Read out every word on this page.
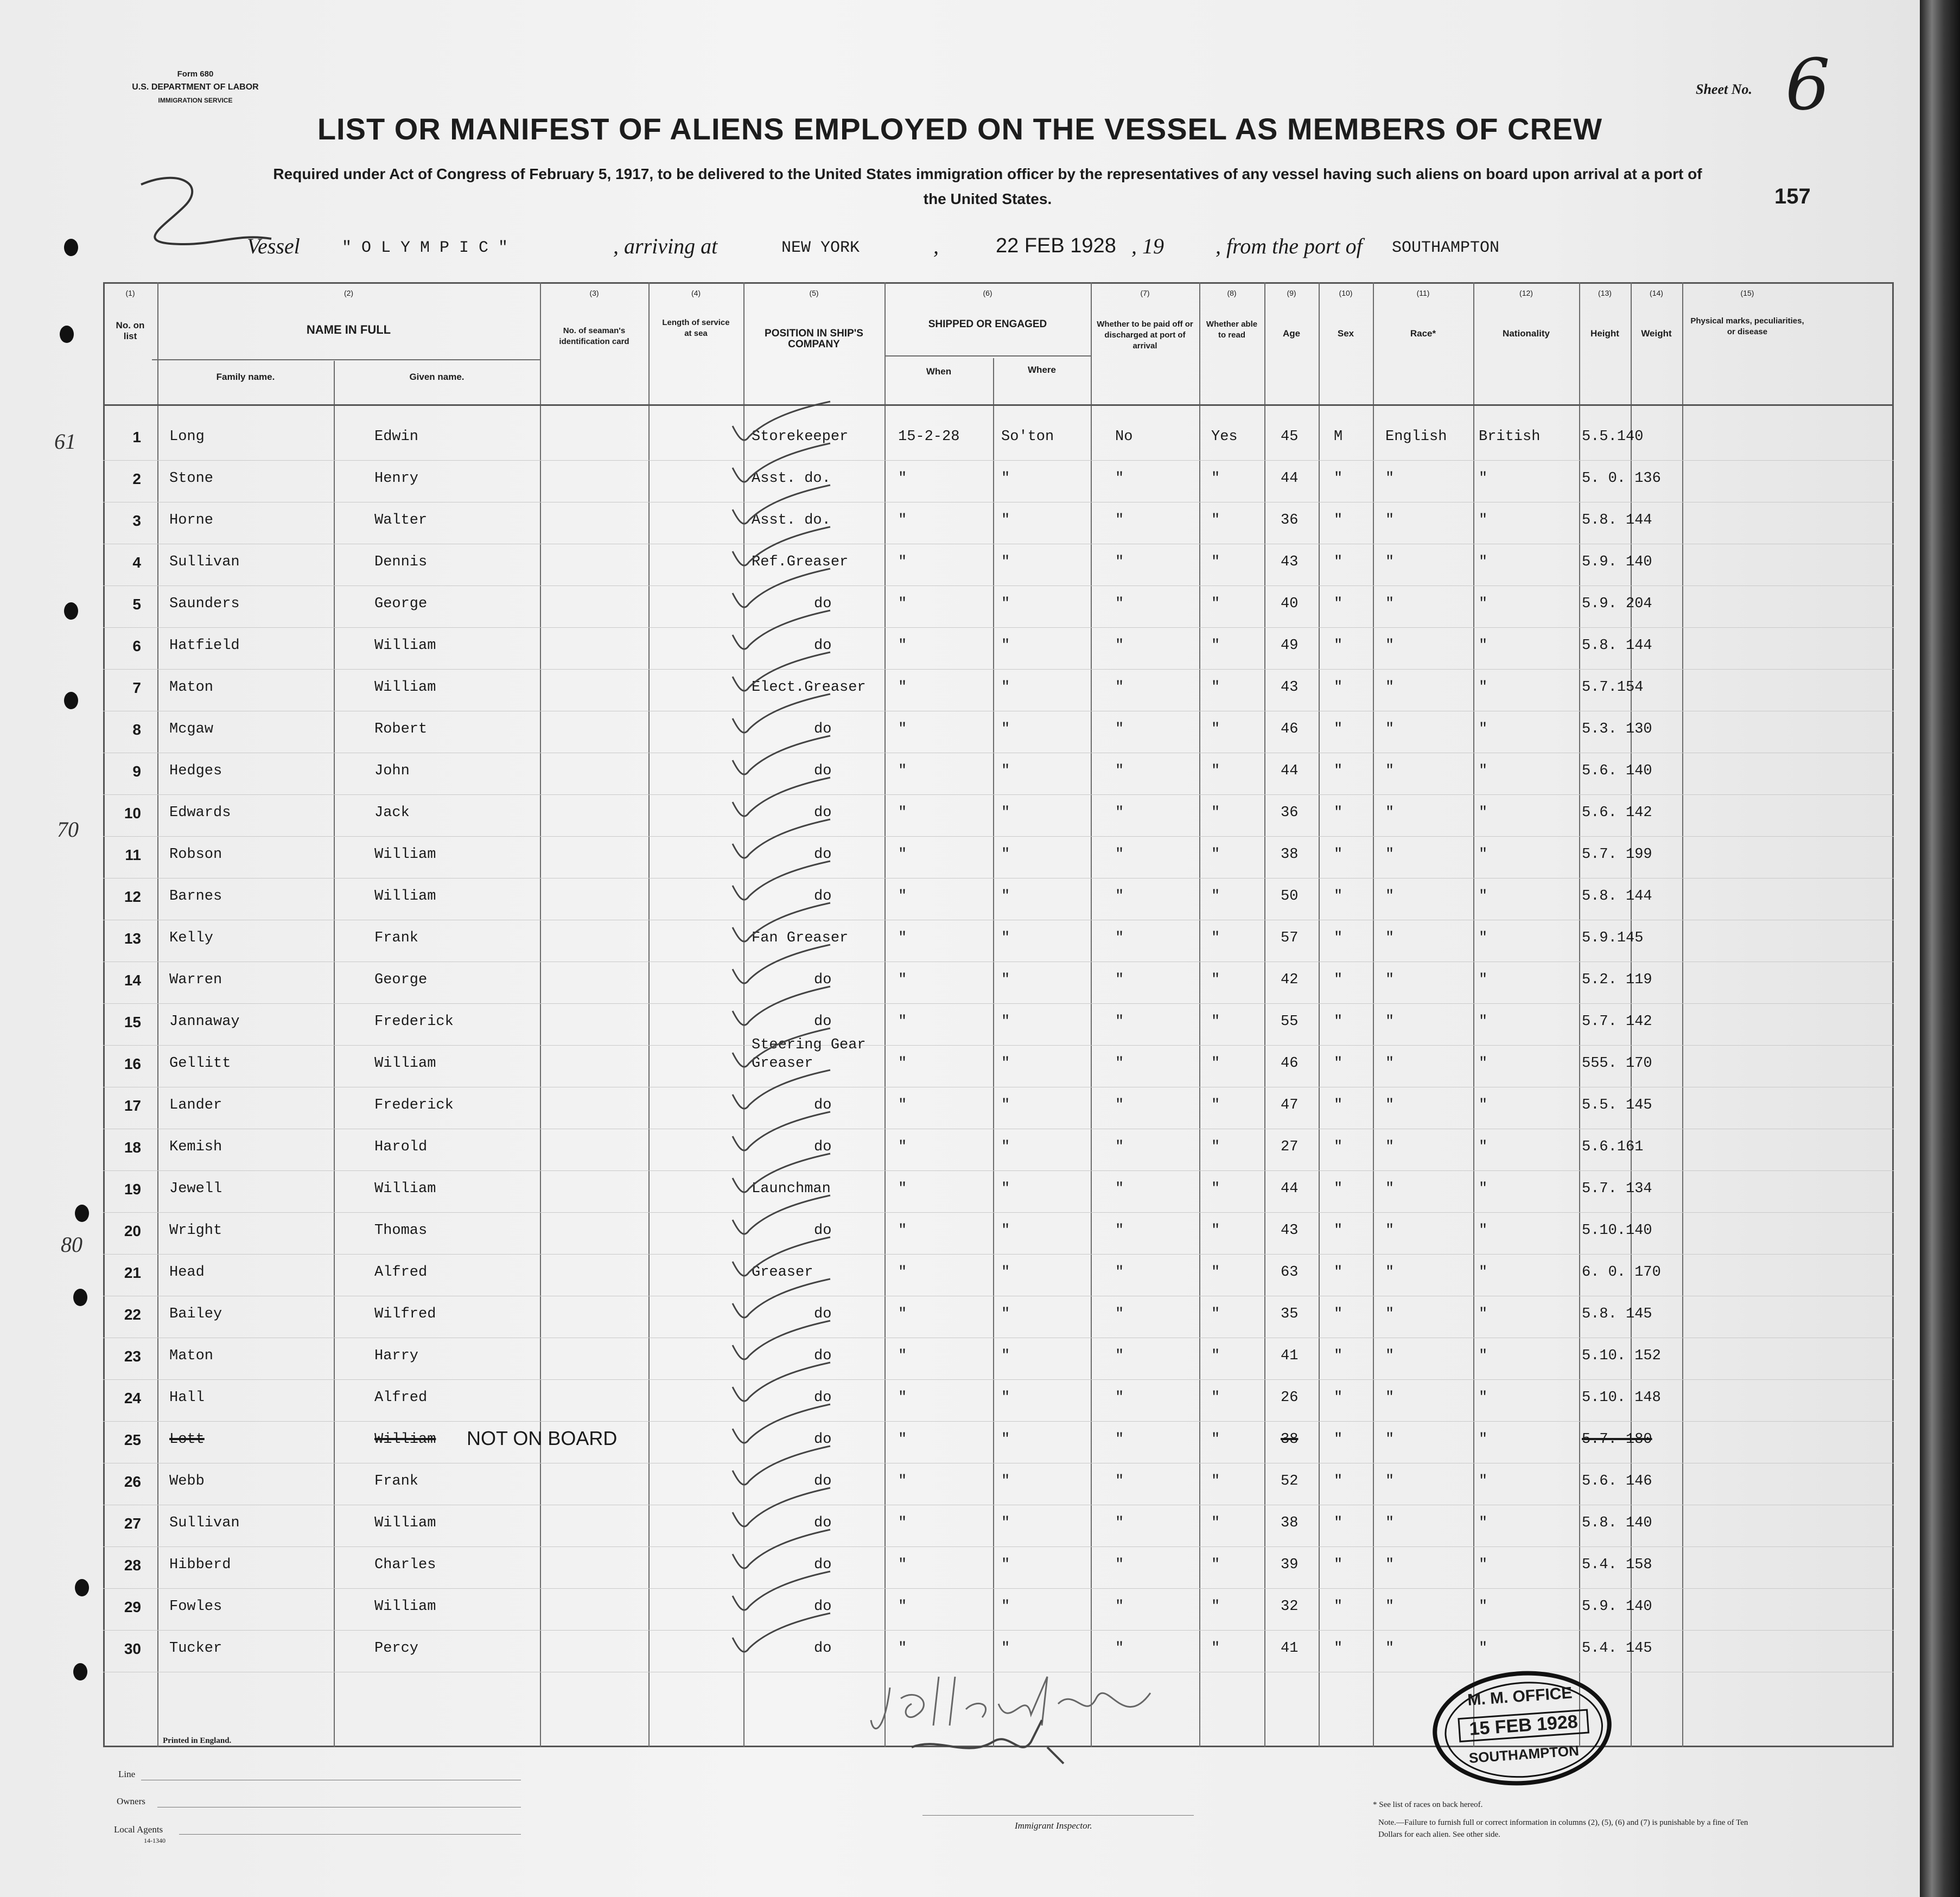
Form 680
U.S. DEPARTMENT OF LABOR
IMMIGRATION SERVICE
Sheet No. 6
LIST OR MANIFEST OF ALIENS EMPLOYED ON THE VESSEL AS MEMBERS OF CREW
Required under Act of Congress of February 5, 1917, to be delivered to the United States immigration officer by the representatives of any vessel having such aliens on board upon arrival at a port of the United States.	157
Vessel	" O L Y M P I C "	, arriving at	NEW YORK	,	22 FEB 1928 , 19 , from the port of SOUTHAMPTON
(1)	(2)	(3)	(4)	(5)	(6)	(7)	(8)	(9)	(10)	(11)	(12)	(13)	(14)	(15)
No. on list	NAME IN FULL
Family name.	Given name.
No. of seaman's identification card
Length of service at sea	POSITION IN SHIP'S COMPANY
SHIPPED OR ENGAGED
When	Where
Whether to be paid off or discharged at port of arrival
Whether able to read	Age	Sex	Race*	Nationality	Height	Weight
Physical marks, peculiarities, or disease
1 Long	Edwin	Storekeeper	15-2-28	So'ton	No	Yes	45 M	English British	5.5.140
2 Stone	Henry	Asst. do.	"	"	"	"	44 "	"	"	5. 0. 136
3 Horne	Walter	Asst. do.	"	"	"	"	36 "	"	"	5.8. 144
4 Sullivan	Dennis	Ref.Greaser	"	"	"	"	43 "	"	"	5.9. 140
5 Saunders	George	do	"	"	"	"	40 "	"	"	5.9. 204
6 Hatfield	William	do	"	"	"	"	49 "	"	"	5.8. 144
7 Maton	William	Elect.Greaser "	"	"	"	43 "	"	"	5.7.154
8 Mcgaw	Robert	do	"	"	"	"	46 "	"	"	5.3. 130
9 Hedges	John	do	"	"	"	"	44 "	"	"	5.6. 140
10 Edwards	Jack	do	"	"	"	"	36 "	"	"	5.6. 142
11 Robson	William	do	"	"	"	"	38 "	"	"	5.7. 199
12 Barnes	William	do	"	"	"	"	50 "	"	"	5.8. 144
13 Kelly	Frank	Fan Greaser	"	"	"	"	57 "	"	"	5.9.145
14 Warren	George	do	"	"	"	"	42 "	"	"	5.2. 119
15 Jannaway	Frederick	do	"	"	"	"	55 "	"	"	5.7. 142
16 Gellitt	William
Steering Gear Greaser	"	"	"	"	46 "	"	"	555. 170
17 Lander	Frederick	do	"	"	"	"	47 "	"	"	5.5. 145
18 Kemish	Harold	do	"	"	"	"	27 "	"	"	5.6.161
19 Jewell	William	Launchman	"	"	"	"	44 "	"	"	5.7. 134
20 Wright	Thomas	do	"	"	"	"	43 "	"	"	5.10.140
21 Head	Alfred	Greaser	"	"	"	"	63 "	"	"	6. 0. 170
22 Bailey	Wilfred	do	"	"	"	"	35 "	"	"	5.8. 145
23 Maton	Harry	do	"	"	"	"	41 "	"	"	5.10. 152
24 Hall	Alfred	do	"	"	"	"	26 "	"	"	5.10. 148
25 Lott	William	do	"	"	"	"	38 "	"	"	5.7. 180
NOT ON BOARD
26 Webb	Frank	do	"	"	"	"	52 "	"	"	5.6. 146
27 Sullivan	William	do	"	"	"	"	38 "	"	"	5.8. 140
28 Hibberd	Charles	do	"	"	"	"	39 "	"	"	5.4. 158
29 Fowles	William	do	"	"	"	"	32 "	"	"	5.9. 140
30 Tucker	Percy	do	"	"	"	"	41 "	"	"	5.4. 145
61
70
80
M. M. OFFICE
15 FEB 1928
SOUTHAMPTON
Printed in England.
Line
Owners
Local Agents
14-1340
Immigrant Inspector.
* See list of races on back hereof.
Note.—Failure to furnish full or correct information in columns (2), (5), (6) and (7) is punishable by a fine of Ten Dollars for each alien. See other side.
